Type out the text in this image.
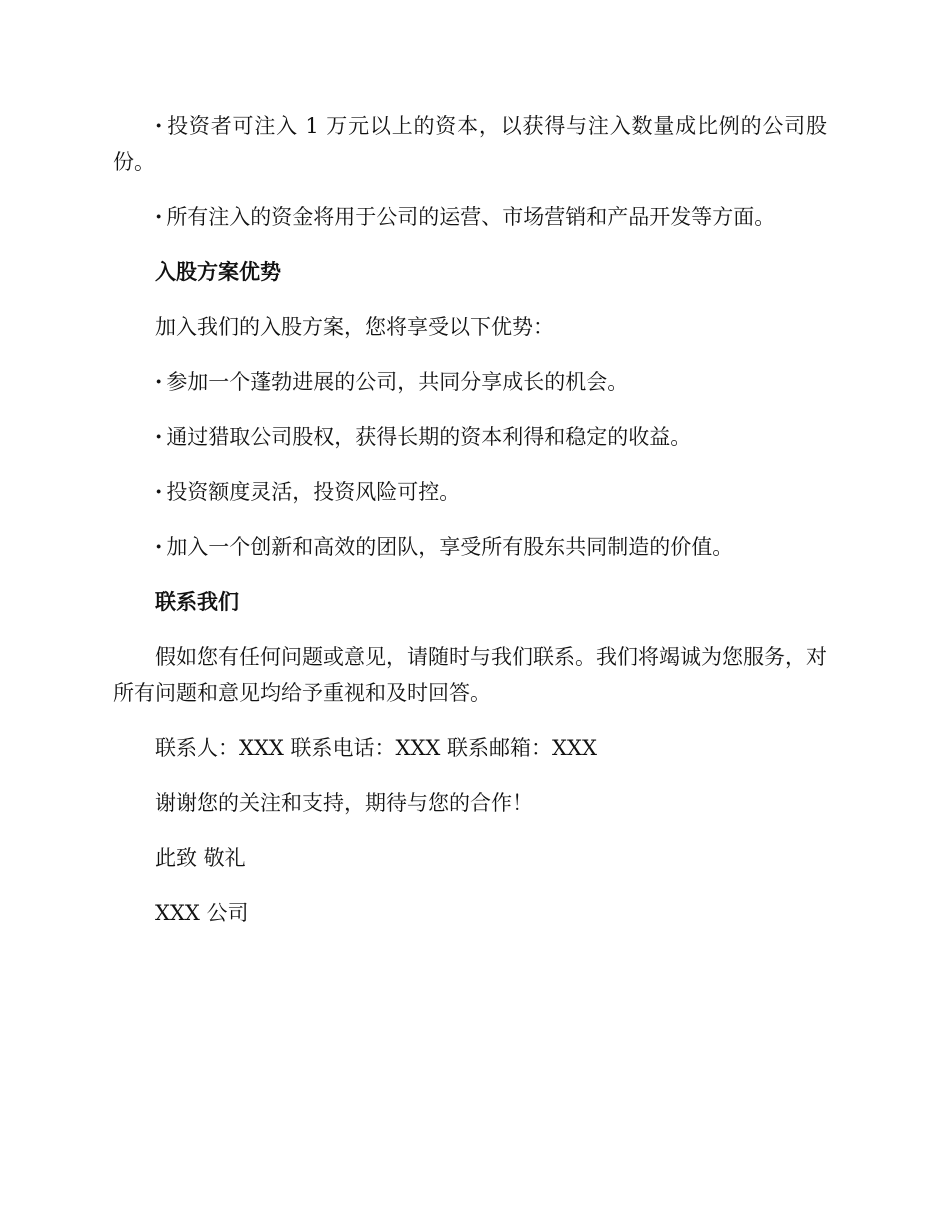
· 投资者可注入 1 万元以上的资本，以获得与注入数量成比例的公司股份。

· 所有注入的资金将用于公司的运营、市场营销和产品开发等方面。

入股方案优势

加入我们的入股方案，您将享受以下优势：

· 参加一个蓬勃进展的公司，共同分享成长的机会。

· 通过猎取公司股权，获得长期的资本利得和稳定的收益。

· 投资额度灵活，投资风险可控。

· 加入一个创新和高效的团队，享受所有股东共同制造的价值。

联系我们

假如您有任何问题或意见，请随时与我们联系。我们将竭诚为您服务，对所有问题和意见均给予重视和及时回答。

联系人：XXX 联系电话：XXX 联系邮箱：XXX

谢谢您的关注和支持，期待与您的合作！

此致 敬礼

XXX 公司
